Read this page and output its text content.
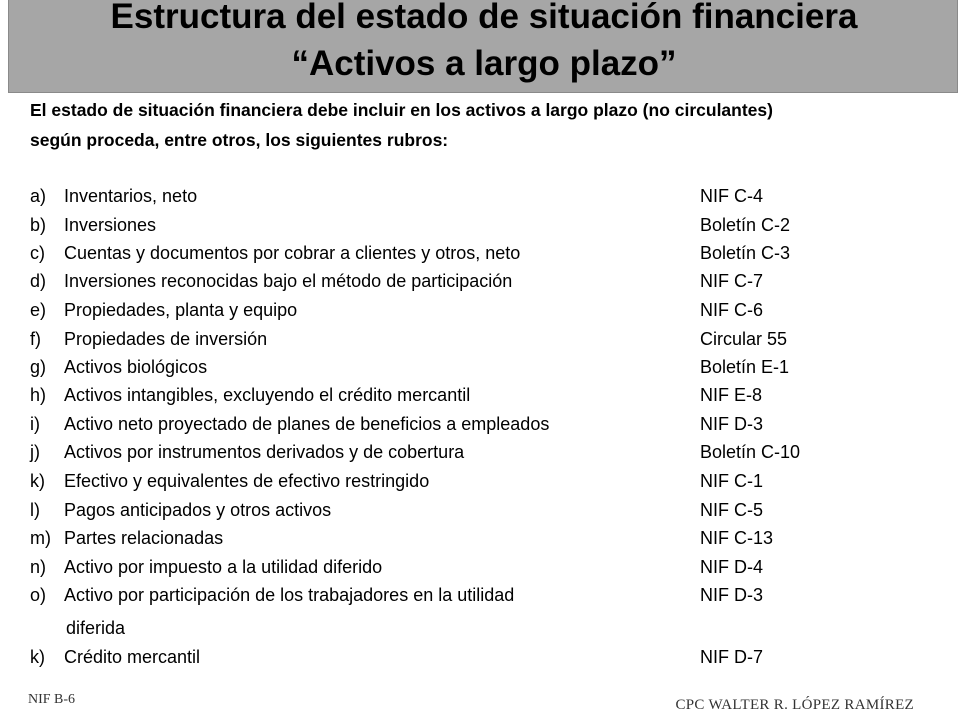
Estructura del estado de situación financiera
“Activos a largo plazo”
El estado de situación financiera debe incluir en los activos a largo plazo (no circulantes)
según proceda, entre otros, los siguientes rubros:
a) Inventarios, neto	NIF C-4
b) Inversiones	Boletín C-2
c)	Cuentas y documentos por cobrar a clientes y otros, neto	Boletín C-3
d) Inversiones reconocidas bajo el método de participación	NIF C-7
e) Propiedades, planta y equipo	NIF C-6
f)	Propiedades de inversión	Circular 55
g) Activos biológicos	Boletín E-1
h) Activos intangibles, excluyendo el crédito mercantil	NIF E-8
i)	Activo neto proyectado de planes de beneficios a empleados	NIF D-3
j)	Activos por instrumentos derivados y de cobertura	Boletín C-10
k)	Efectivo y equivalentes de efectivo restringido	NIF C-1
l)	Pagos anticipados y otros activos	NIF C-5
m) Partes relacionadas	NIF C-13
n) Activo por impuesto a la utilidad diferido	NIF D-4
o) Activo por participación de los trabajadores en la utilidad	NIF D-3
diferida
k)	Crédito mercantil	NIF D-7
NIF B-6	CPC WALTER R. LÓPEZ RAMÍREZ
